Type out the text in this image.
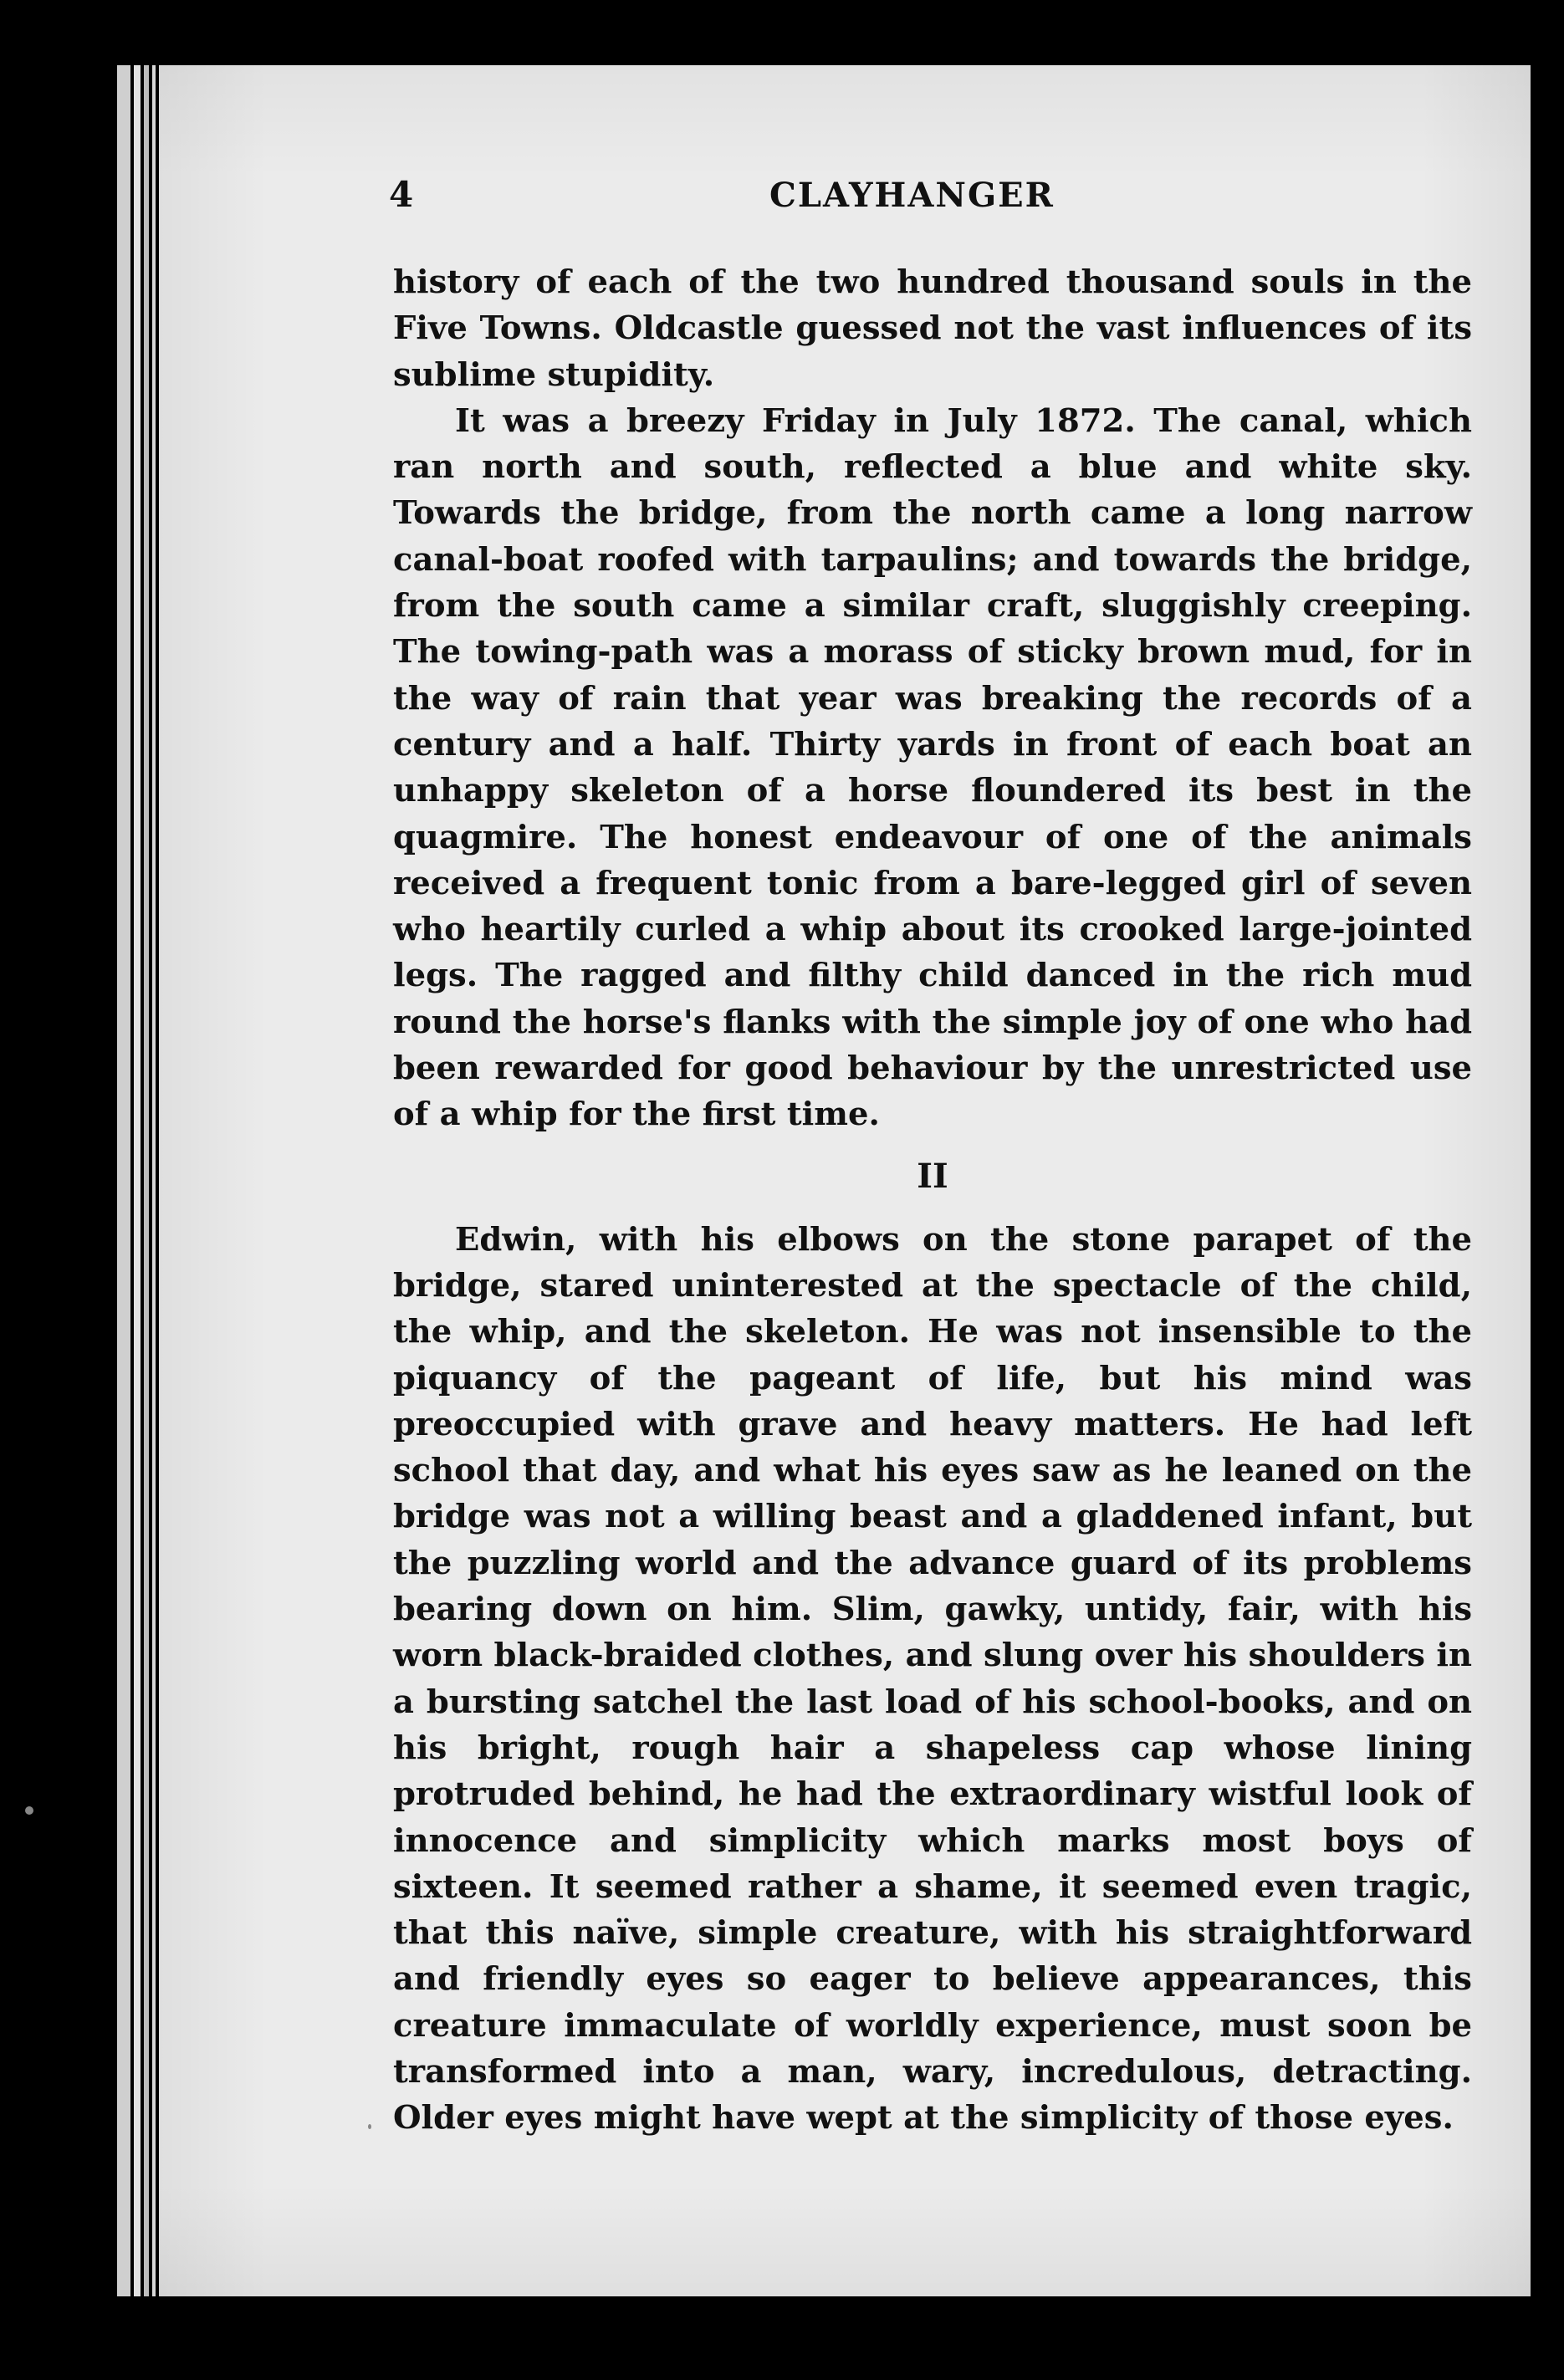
4	CLAYHANGER

history of each of the two hundred thousand souls in the Five Towns. Oldcastle guessed not the vast influences of its sublime stupidity.

It was a breezy Friday in July 1872. The canal, which ran north and south, reflected a blue and white sky. Towards the bridge, from the north came a long narrow canal-boat roofed with tarpaulins; and towards the bridge, from the south came a similar craft, sluggishly creeping. The towing-path was a morass of sticky brown mud, for in the way of rain that year was breaking the records of a century and a half. Thirty yards in front of each boat an unhappy skeleton of a horse floundered its best in the quagmire. The honest endeavour of one of the animals received a frequent tonic from a bare-legged girl of seven who heartily curled a whip about its crooked large-jointed legs. The ragged and filthy child danced in the rich mud round the horse's flanks with the simple joy of one who had been rewarded for good behaviour by the unrestricted use of a whip for the first time.

II

Edwin, with his elbows on the stone parapet of the bridge, stared uninterested at the spectacle of the child, the whip, and the skeleton. He was not insensible to the piquancy of the pageant of life, but his mind was preoccupied with grave and heavy matters. He had left school that day, and what his eyes saw as he leaned on the bridge was not a willing beast and a gladdened infant, but the puzzling world and the advance guard of its problems bearing down on him. Slim, gawky, untidy, fair, with his worn black-braided clothes, and slung over his shoulders in a bursting satchel the last load of his school-books, and on his bright, rough hair a shapeless cap whose lining protruded behind, he had the extraordinary wistful look of innocence and simplicity which marks most boys of sixteen. It seemed rather a shame, it seemed even tragic, that this naïve, simple creature, with his straightforward and friendly eyes so eager to believe appearances, this creature immaculate of worldly experience, must soon be transformed into a man, wary, incredulous, detracting. Older eyes might have wept at the simplicity of those eyes.
